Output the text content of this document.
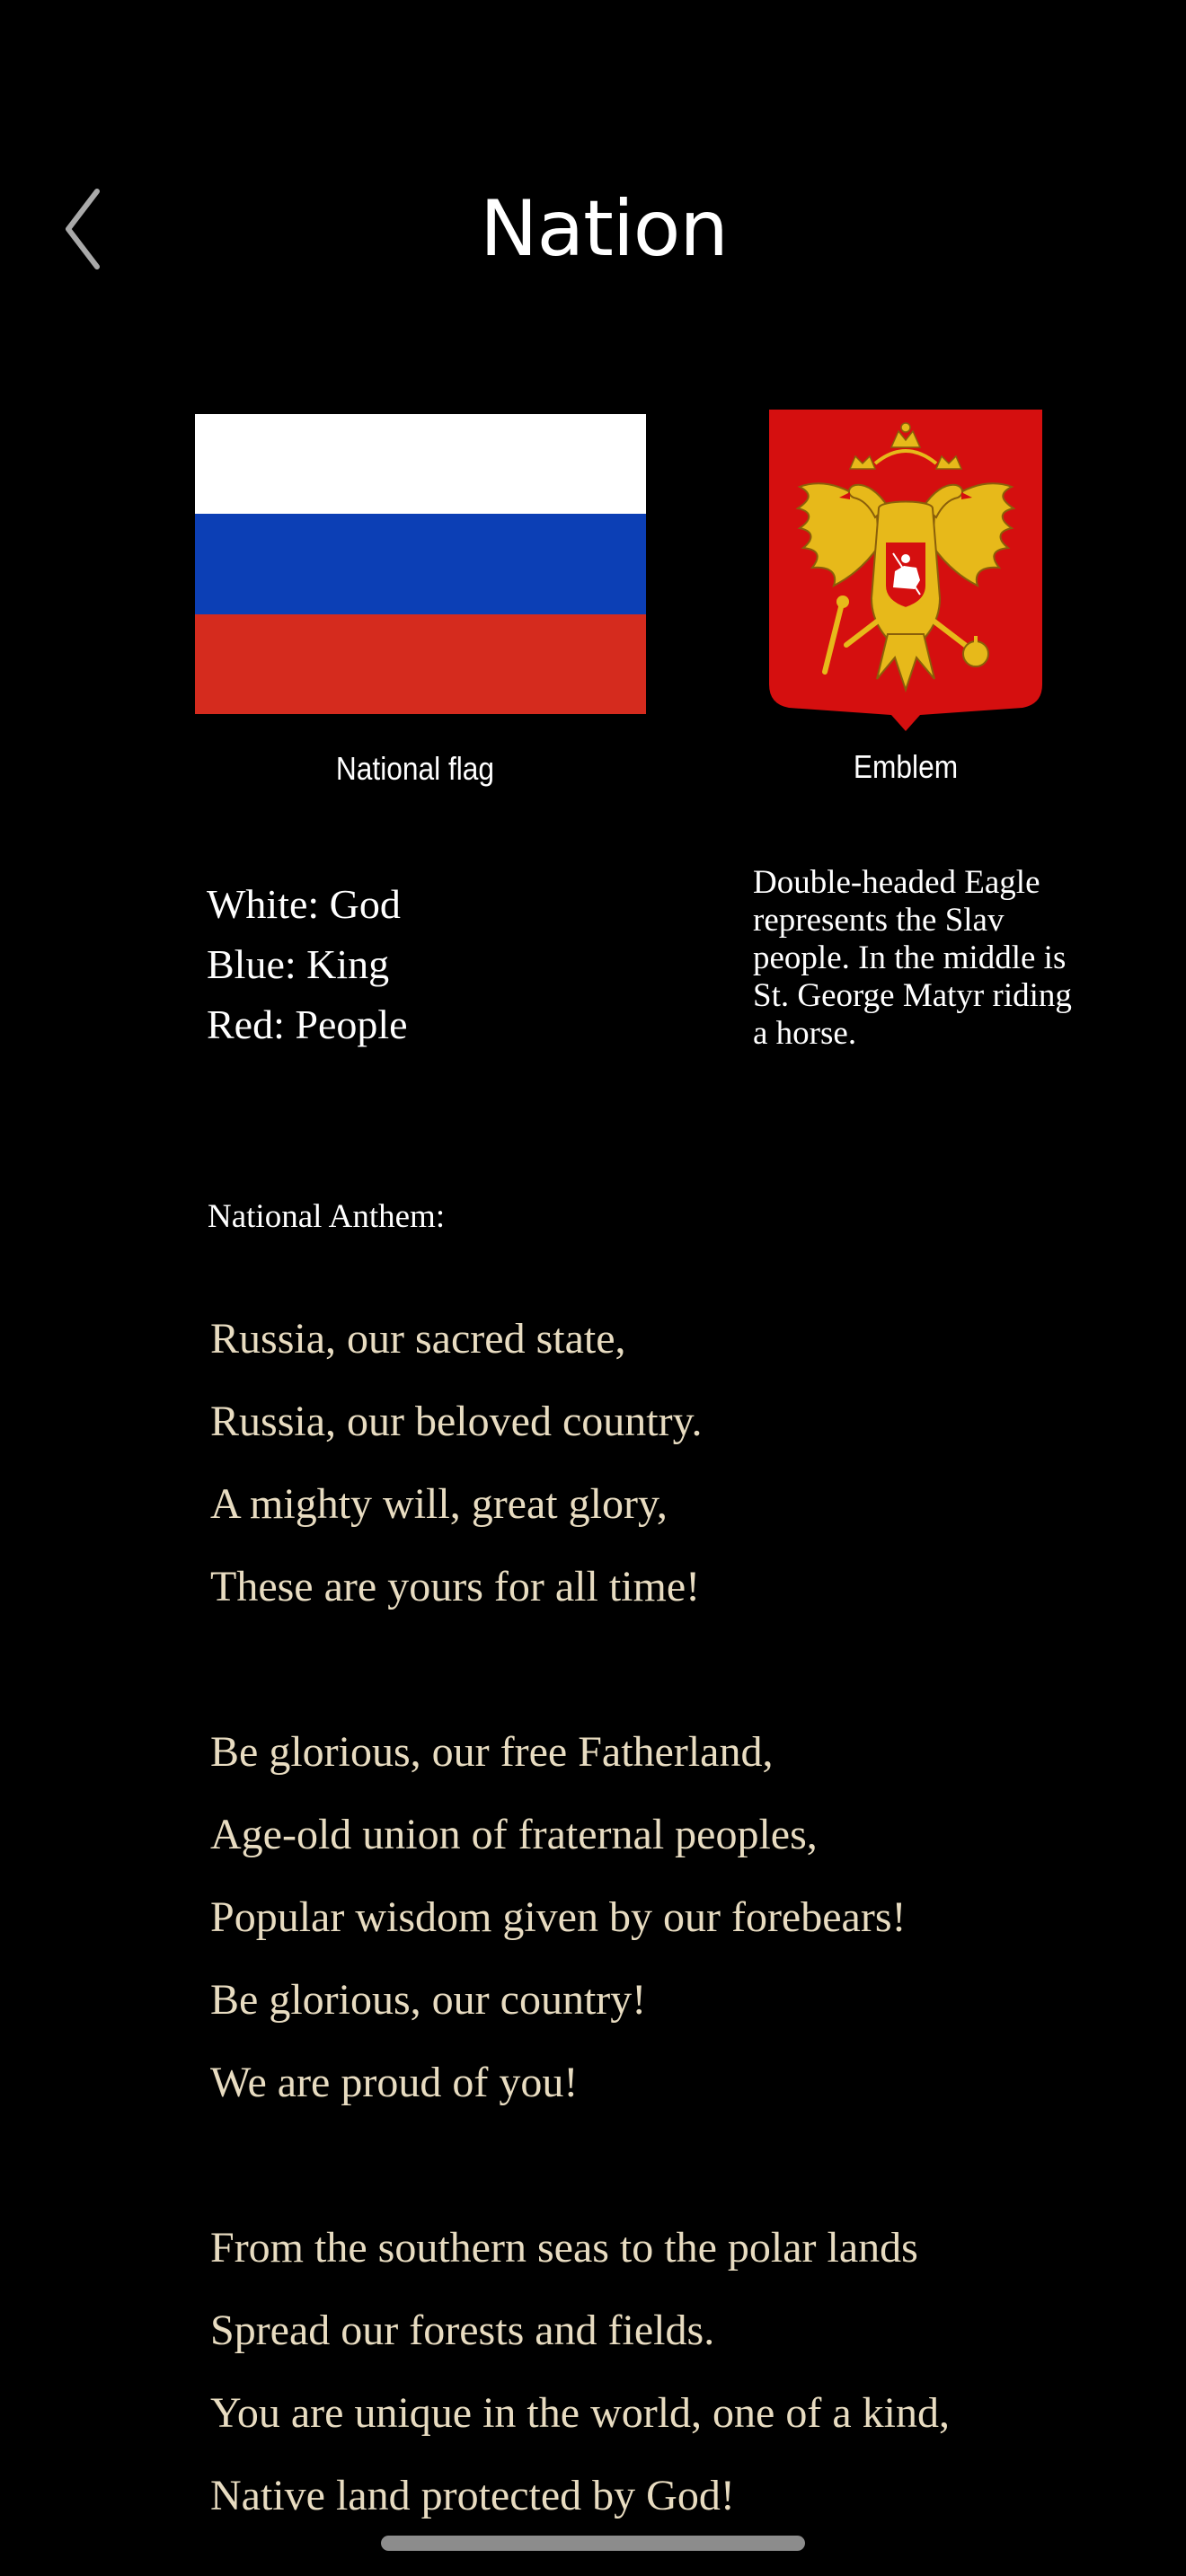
Nation
National flag	Emblem
White: God
Blue: King
Red: People
Double-headed Eagle represents the Slav people. In the middle is St. George Matyr riding a horse.
National Anthem:
Russia, our sacred state,
Russia, our beloved country.
A mighty will, great glory,
These are yours for all time!
Be glorious, our free Fatherland,
Age-old union of fraternal peoples,
Popular wisdom given by our forebears!
Be glorious, our country!
We are proud of you!
From the southern seas to the polar lands
Spread our forests and fields.
You are unique in the world, one of a kind,
Native land protected by God!
